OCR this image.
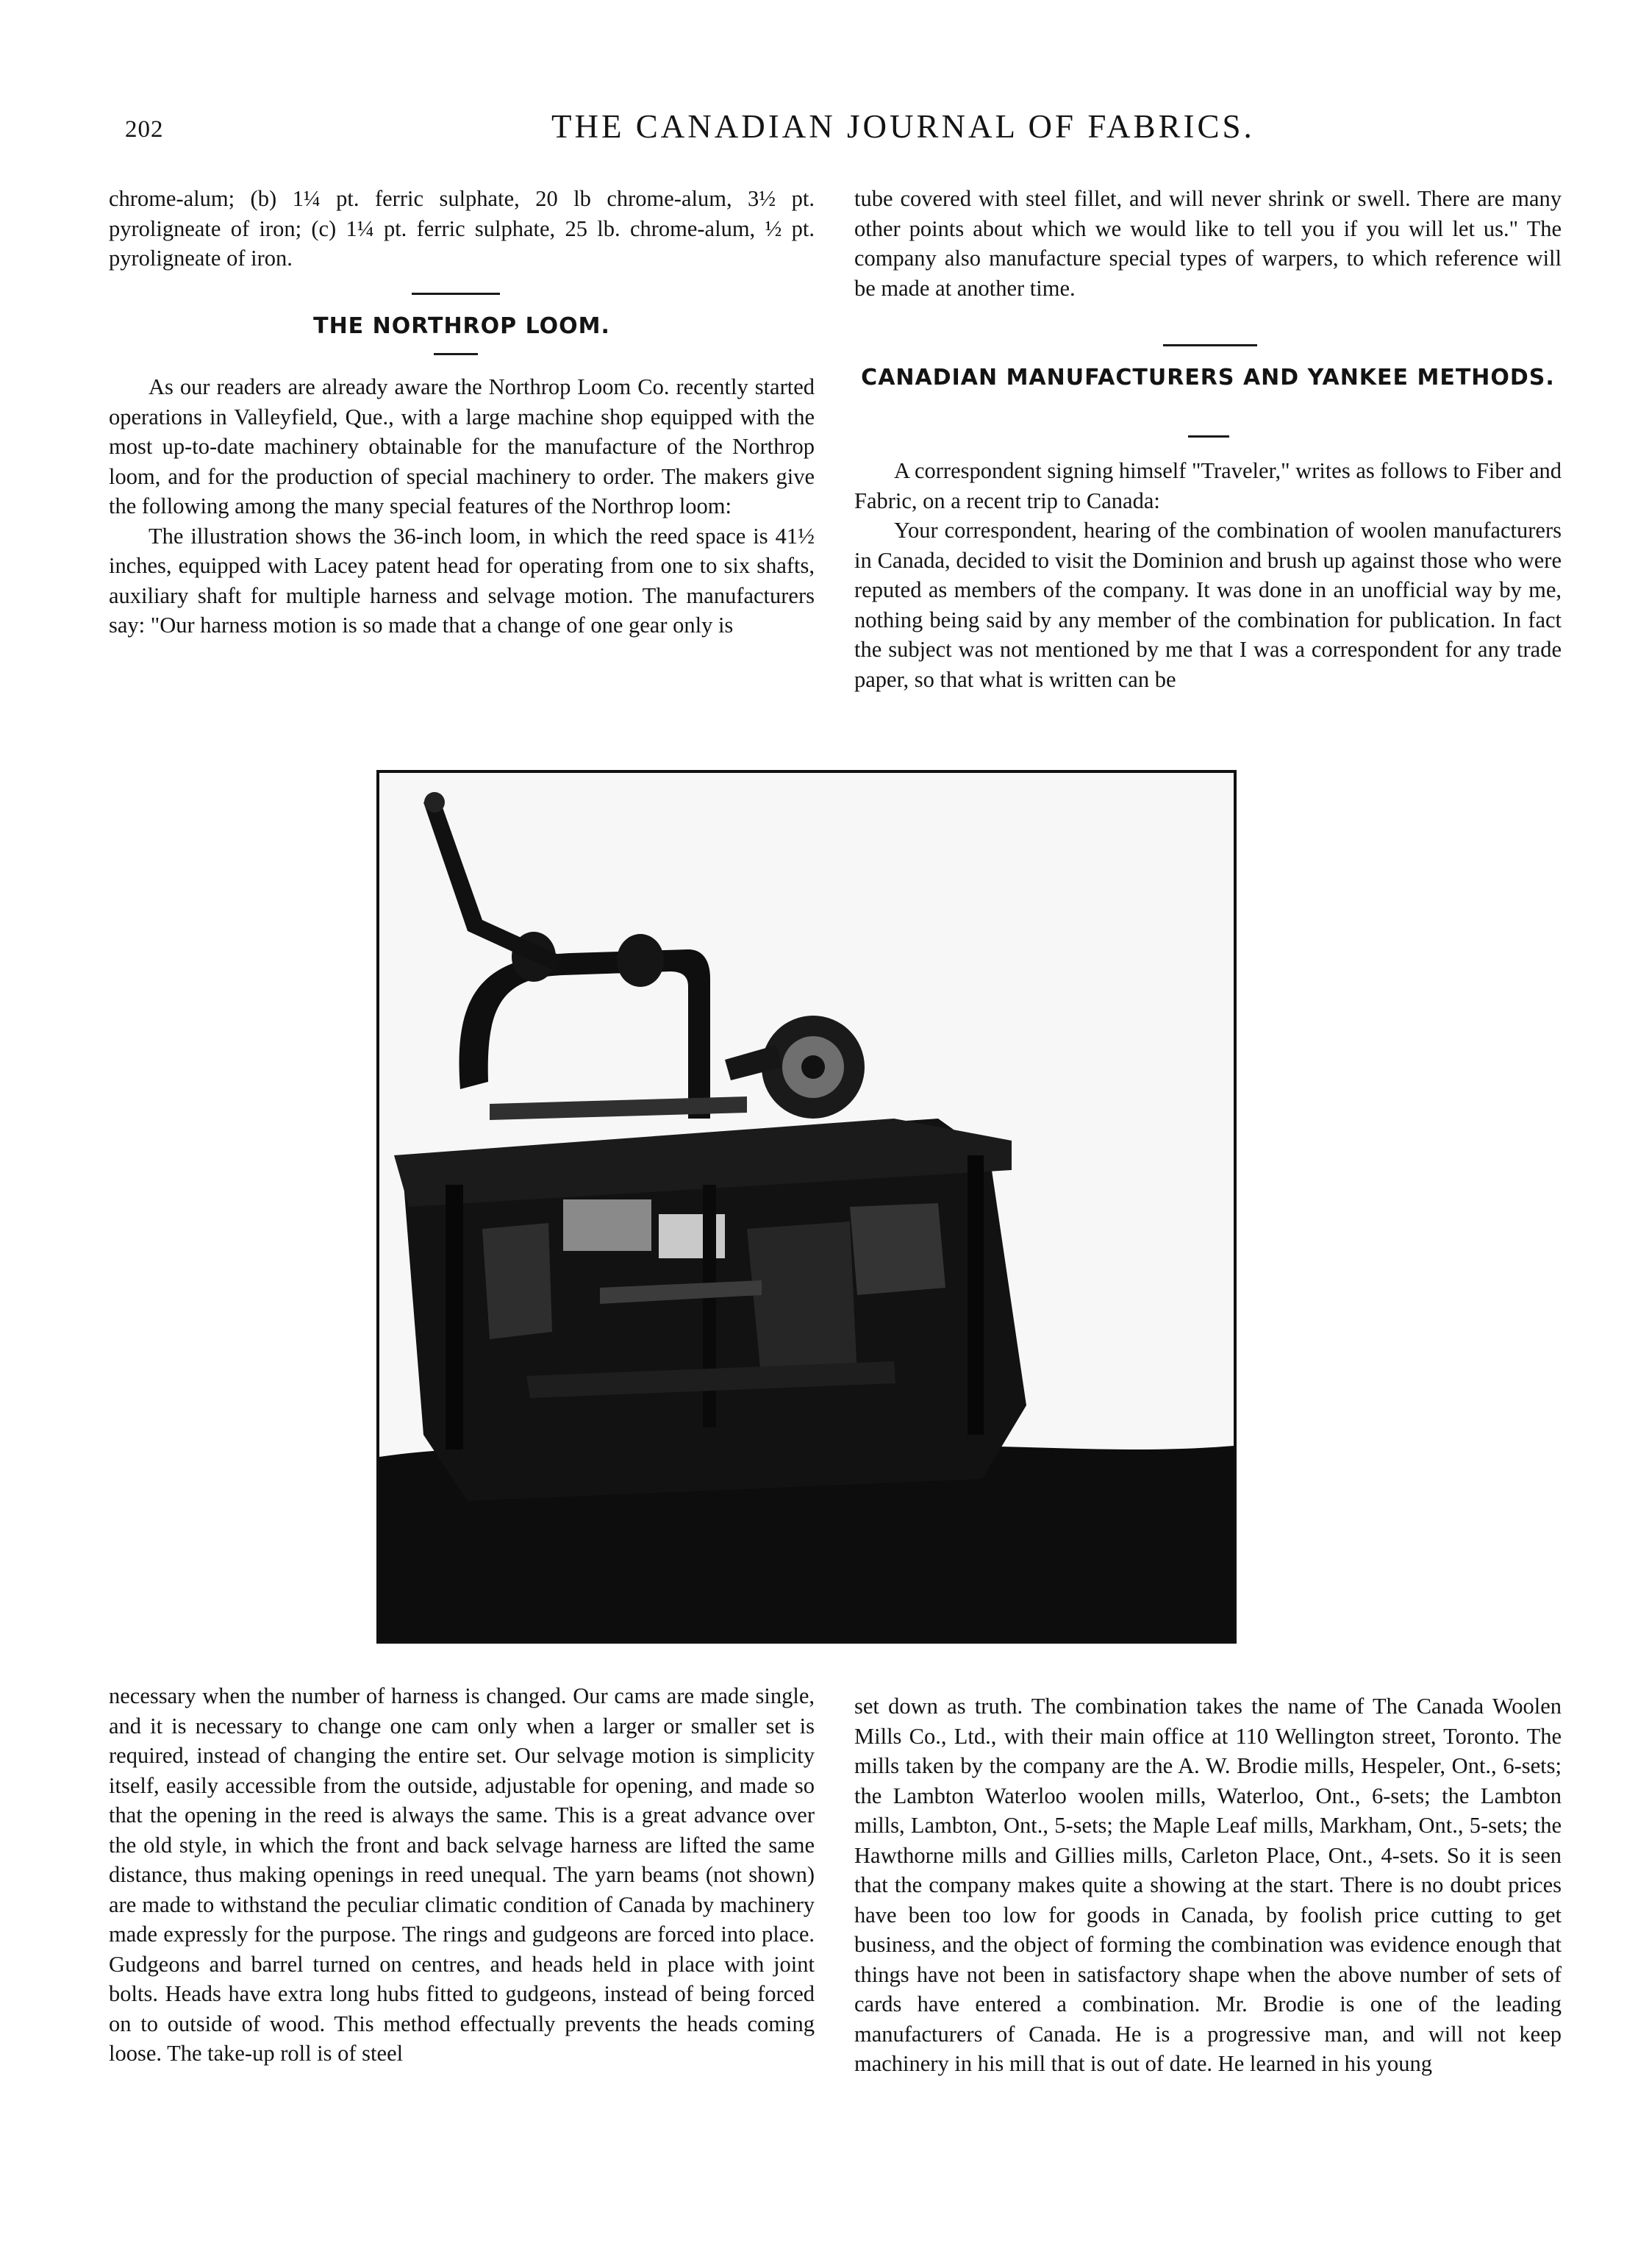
202	THE CANADIAN JOURNAL OF FABRICS.

chrome-alum; (b) 1¼ pt. ferric sulphate, 20 lb chrome-alum, 3½ pt. pyroligneate of iron; (c) 1¼ pt. ferric sulphate, 25 lb. chrome-alum, ½ pt. pyroligneate of iron.

THE NORTHROP LOOM.

As our readers are already aware the Northrop Loom Co. recently started operations in Valleyfield, Que., with a large machine shop equipped with the most up-to-date machinery obtainable for the manufacture of the Northrop loom, and for the production of special machinery to order. The makers give the following among the many special features of the Northrop loom:

The illustration shows the 36-inch loom, in which the reed space is 41½ inches, equipped with Lacey patent head for operating from one to six shafts, auxiliary shaft for multiple harness and selvage motion. The manufacturers say: "Our harness motion is so made that a change of one gear only is

tube covered with steel fillet, and will never shrink or swell. There are many other points about which we would like to tell you if you will let us." The company also manufacture special types of warpers, to which reference will be made at another time.

CANADIAN MANUFACTURERS AND YANKEE METHODS.

A correspondent signing himself "Traveler," writes as follows to Fiber and Fabric, on a recent trip to Canada:

Your correspondent, hearing of the combination of woolen manufacturers in Canada, decided to visit the Dominion and brush up against those who were reputed as members of the company. It was done in an unofficial way by me, nothing being said by any member of the combination for publication. In fact the subject was not mentioned by me that I was a correspondent for any trade paper, so that what is written can be

necessary when the number of harness is changed. Our cams are made single, and it is necessary to change one cam only when a larger or smaller set is required, instead of changing the entire set. Our selvage motion is simplicity itself, easily accessible from the outside, adjustable for opening, and made so that the opening in the reed is always the same. This is a great advance over the old style, in which the front and back selvage harness are lifted the same distance, thus making openings in reed unequal. The yarn beams (not shown) are made to withstand the peculiar climatic condition of Canada by machinery made expressly for the purpose. The rings and gudgeons are forced into place. Gudgeons and barrel turned on centres, and heads held in place with joint bolts. Heads have extra long hubs fitted to gudgeons, instead of being forced on to outside of wood. This method effectually prevents the heads coming loose. The take-up roll is of steel

set down as truth. The combination takes the name of The Canada Woolen Mills Co., Ltd., with their main office at 110 Wellington street, Toronto. The mills taken by the company are the A. W. Brodie mills, Hespeler, Ont., 6-sets; the Lambton Waterloo woolen mills, Waterloo, Ont., 6-sets; the Lambton mills, Lambton, Ont., 5-sets; the Maple Leaf mills, Markham, Ont., 5-sets; the Hawthorne mills and Gillies mills, Carleton Place, Ont., 4-sets. So it is seen that the company makes quite a showing at the start. There is no doubt prices have been too low for goods in Canada, by foolish price cutting to get business, and the object of forming the combination was evidence enough that things have not been in satisfactory shape when the above number of sets of cards have entered a combination. Mr. Brodie is one of the leading manufacturers of Canada. He is a progressive man, and will not keep machinery in his mill that is out of date. He learned in his young
